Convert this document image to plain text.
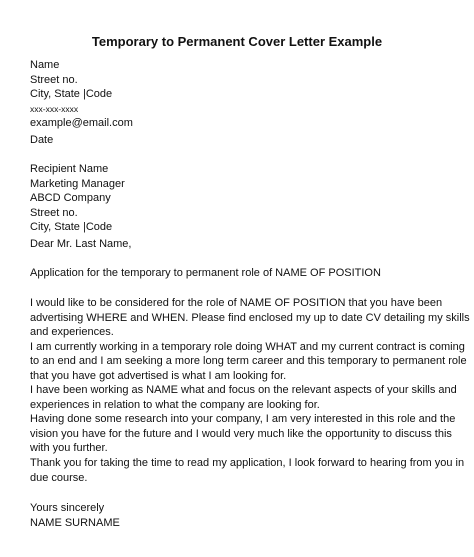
Temporary to Permanent Cover Letter Example
Name
Street no.
City, State |Code
xxx-xxx-xxxx
example@email.com
Date
Recipient Name
Marketing Manager
ABCD Company
Street no.
City, State |Code
Dear Mr. Last Name,
Application for the temporary to permanent role of NAME OF POSITION
I would like to be considered for the role of NAME OF POSITION that you have been
advertising WHERE and WHEN. Please find enclosed my up to date CV detailing my skills
and experiences.
I am currently working in a temporary role doing WHAT and my current contract is coming
to an end and I am seeking a more long term career and this temporary to permanent role
that you have got advertised is what I am looking for.
I have been working as NAME what and focus on the relevant aspects of your skills and
experiences in relation to what the company are looking for.
Having done some research into your company, I am very interested in this role and the
vision you have for the future and I would very much like the opportunity to discuss this
with you further.
Thank you for taking the time to read my application, I look forward to hearing from you in
due course.
Yours sincerely
NAME SURNAME
